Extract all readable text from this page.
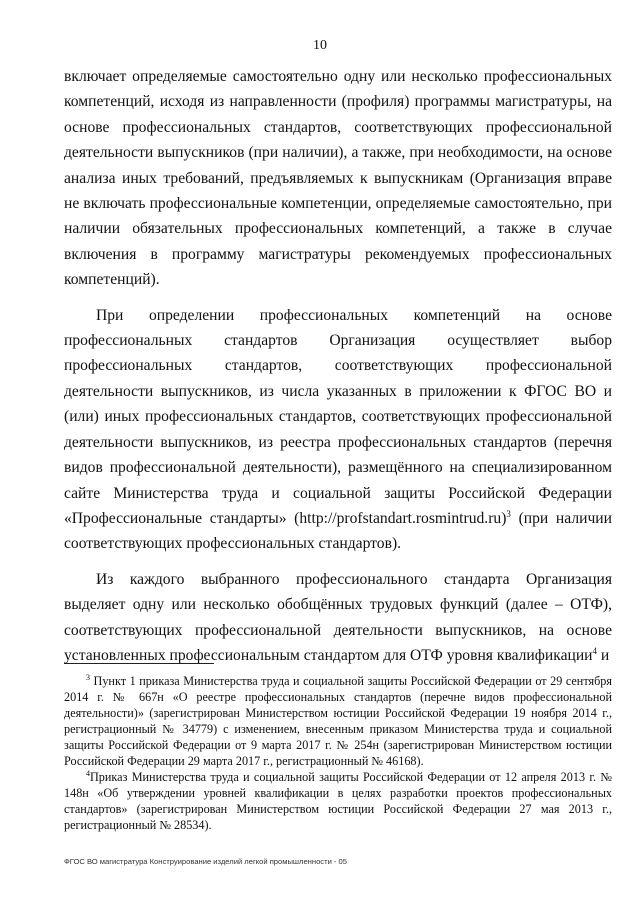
10

включает определяемые самостоятельно одну или несколько профессиональных компетенций, исходя из направленности (профиля) программы магистратуры, на основе профессиональных стандартов, соответствующих профессиональной деятельности выпускников (при наличии), а также, при необходимости, на основе анализа иных требований, предъявляемых к выпускникам (Организация вправе не включать профессиональные компетенции, определяемые самостоятельно, при наличии обязательных профессиональных компетенций, а также в случае включения в программу магистратуры рекомендуемых профессиональных компетенций).

При определении профессиональных компетенций на основе профессиональных стандартов Организация осуществляет выбор профессиональных стандартов, соответствующих профессиональной деятельности выпускников, из числа указанных в приложении к ФГОС ВО и (или) иных профессиональных стандартов, соответствующих профессиональной деятельности выпускников, из реестра профессиональных стандартов (перечня видов профессиональной деятельности), размещённого на специализированном сайте Министерства труда и социальной защиты Российской Федерации «Профессиональные стандарты» (http://profstandart.rosmintrud.ru)$^3$ (при наличии соответствующих профессиональных стандартов).

Из каждого выбранного профессионального стандарта Организация выделяет одну или несколько обобщённых трудовых функций (далее – ОТФ), соответствующих профессиональной деятельности выпускников, на основе установленных профессиональным стандартом для ОТФ уровня квалификации$^4$ и

$^3$ Пункт 1 приказа Министерства труда и социальной защиты Российской Федерации от 29 сентября 2014 г. № 667н «О реестре профессиональных стандартов (перечне видов профессиональной деятельности)» (зарегистрирован Министерством юстиции Российской Федерации 19 ноября 2014 г., регистрационный № 34779) с изменением, внесенным приказом Министерства труда и социальной защиты Российской Федерации от 9 марта 2017 г. № 254н (зарегистрирован Министерством юстиции Российской Федерации 29 марта 2017 г., регистрационный № 46168).

$^4$Приказ Министерства труда и социальной защиты Российской Федерации от 12 апреля 2013 г. № 148н «Об утверждении уровней квалификации в целях разработки проектов профессиональных стандартов» (зарегистрирован Министерством юстиции Российской Федерации 27 мая 2013 г., регистрационный № 28534).

ФГОС ВО магистратура Конструирование изделий легкой промышленности - 05
